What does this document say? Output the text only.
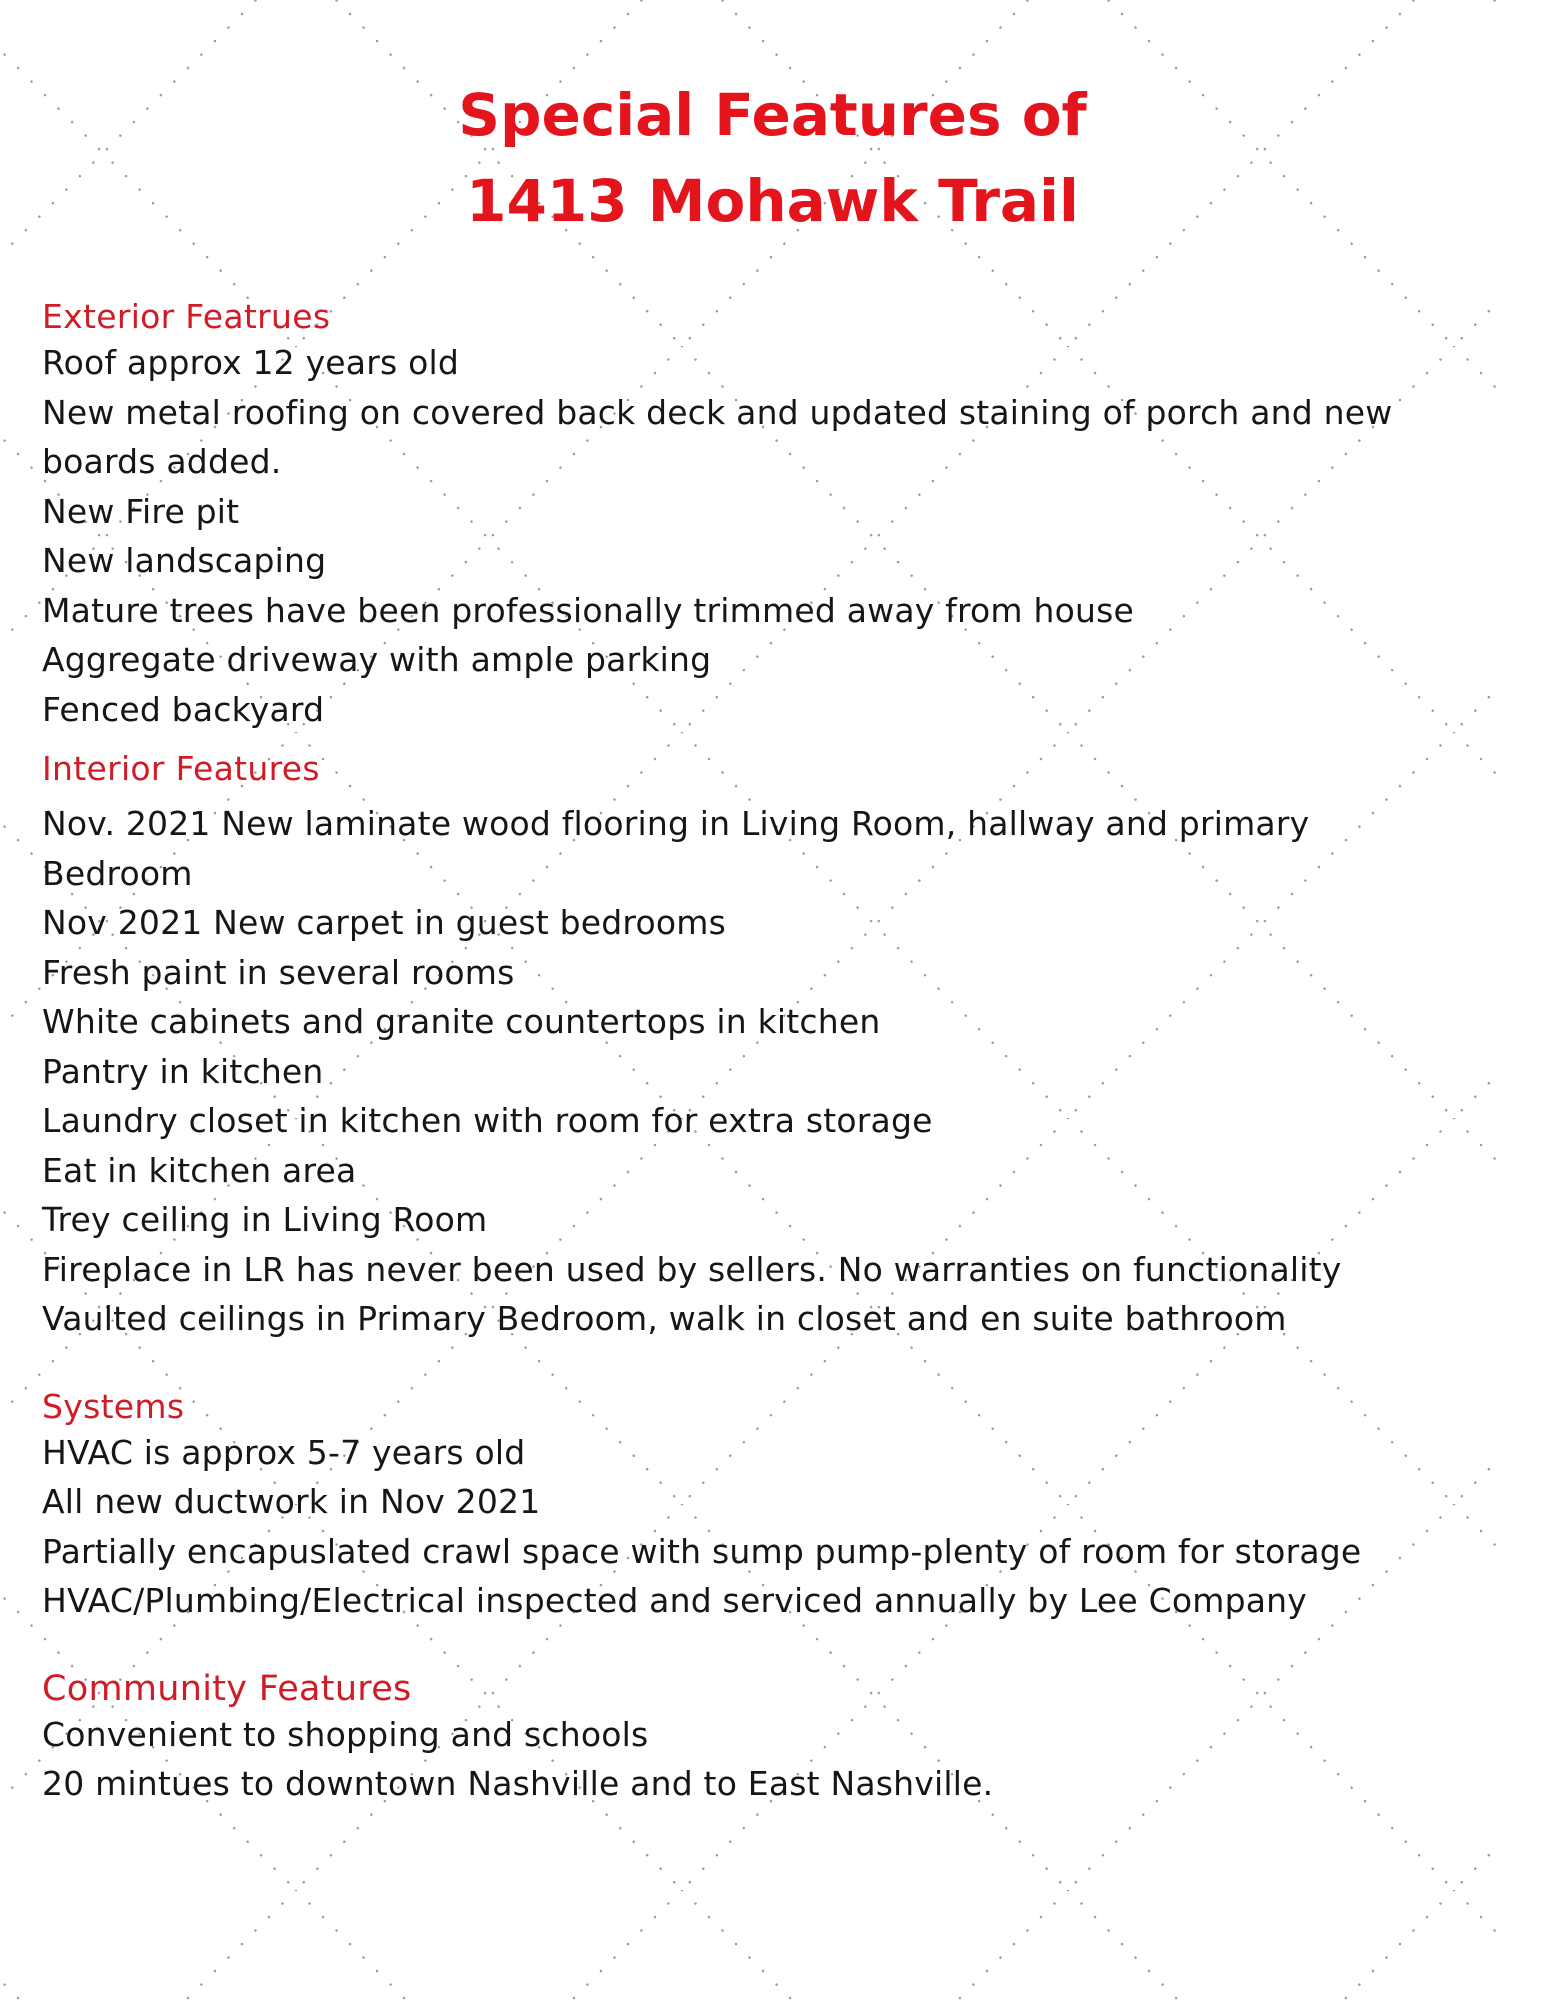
Special Features of
1413 Mohawk Trail
Exterior Featrues
Roof approx 12 years old
New metal roofing on covered back deck and updated staining of porch and new
boards added.
New Fire pit
New landscaping
Mature trees have been professionally trimmed away from house
Aggregate driveway with ample parking
Fenced backyard
Interior Features
Nov. 2021 New laminate wood flooring in Living Room, hallway and primary
Bedroom
Nov 2021 New carpet in guest bedrooms
Fresh paint in several rooms
White cabinets and granite countertops in kitchen
Pantry in kitchen
Laundry closet in kitchen with room for extra storage
Eat in kitchen area
Trey ceiling in Living Room
Fireplace in LR has never been used by sellers. No warranties on functionality
Vaulted ceilings in Primary Bedroom, walk in closet and en suite bathroom
Systems
HVAC is approx 5-7 years old
All new ductwork in Nov 2021
Partially encapuslated crawl space with sump pump-plenty of room for storage
HVAC/Plumbing/Electrical inspected and serviced annually by Lee Company
Community Features
Convenient to shopping and schools
20 mintues to downtown Nashville and to East Nashville.
